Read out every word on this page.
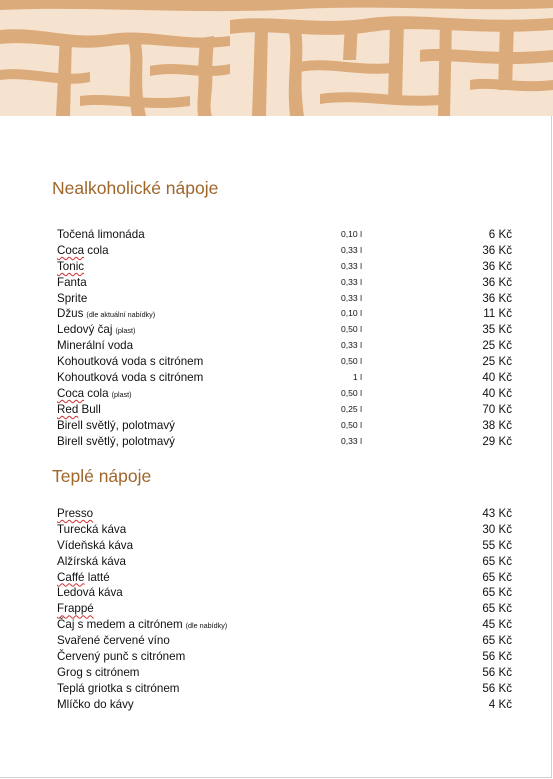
Nealkoholické nápoje
Točená limonáda	0,10 l	6 Kč
Coca cola	0,33 l	36 Kč
Tonic	0,33 l	36 Kč
Fanta	0,33 l	36 Kč
Sprite	0,33 l	36 Kč
Džus (dle aktuální nabídky)	0,10 l	11 Kč
Ledový čaj (plast)	0,50 l	35 Kč
Minerální voda	0,33 l	25 Kč
Kohoutková voda s citrónem	0,50 l	25 Kč
Kohoutková voda s citrónem	1 l	40 Kč
Coca cola (plast)	0,50 l	40 Kč
Red Bull	0,25 l	70 Kč
Birell světlý, polotmavý	0,50 l	38 Kč
Birell světlý, polotmavý	0,33 l	29 Kč
Teplé nápoje
Presso	43 Kč
Turecká káva	30 Kč
Vídeňská káva	55 Kč
Alžírská káva	65 Kč
Caffé latté	65 Kč
Ledová káva	65 Kč
Frappé	65 Kč
Čaj s medem a citrónem (dle nabídky)	45 Kč
Svařené červené víno	65 Kč
Červený punč s citrónem	56 Kč
Grog s citrónem	56 Kč
Teplá griotka s citrónem	56 Kč
Mlíčko do kávy	4 Kč
